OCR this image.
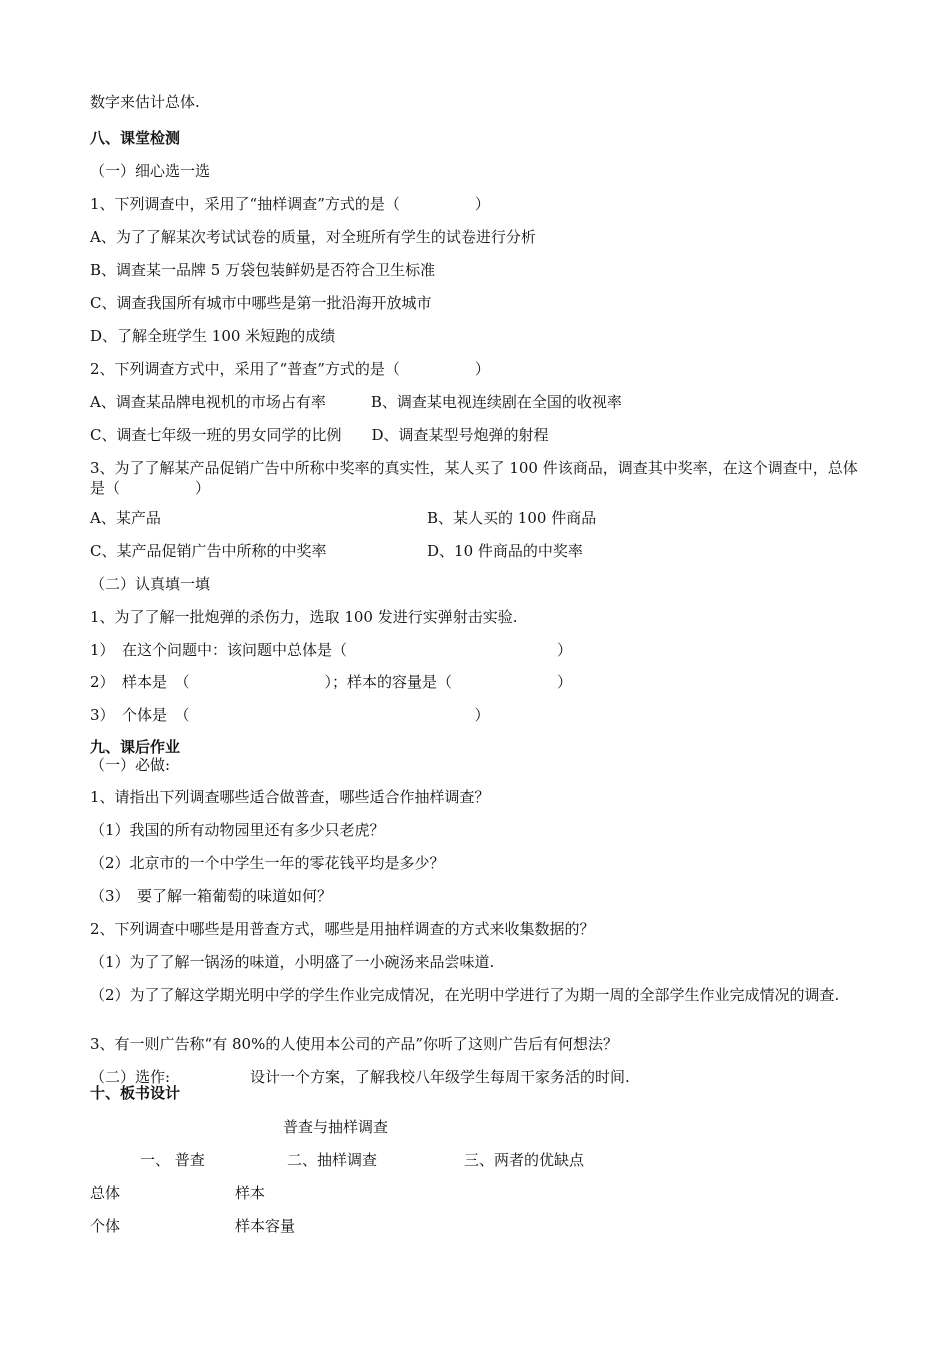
数字来估计总体.
八、课堂检测
（一）细心选一选
1、下列调查中，采用了“抽样调查”方式的是（　　　　　）
A、为了了解某次考试试卷的质量，对全班所有学生的试卷进行分析
B、调查某一品牌 5 万袋包装鲜奶是否符合卫生标准
C、调查我国所有城市中哪些是第一批沿海开放城市
D、了解全班学生 100 米短跑的成绩
2、下列调查方式中，采用了“普查”方式的是（　　　　　）
A、调查某品牌电视机的市场占有率　　　B、调查某电视连续剧在全国的收视率
C、调查七年级一班的男女同学的比例　　D、调查某型号炮弹的射程
3、为了了解某产品促销广告中所称中奖率的真实性，某人买了 100 件该商品，调查其中奖率，在这个调查中，总体是（　　　　　）
A、某产品	B、某人买的 100 件商品
C、某产品促销广告中所称的中奖率	D、10 件商品的中奖率
（二）认真填一填
1、为了了解一批炮弹的杀伤力，选取 100 发进行实弹射击实验.
1）　在这个问题中：该问题中总体是（　　　　　　　　　　　　　　）
2）　样本是　（　　　　　　　　　）；样本的容量是（　　　　　　　）
3）　个体是　（　　　　　　　　　　　　　　　　　　　）
九、课后作业
（一）必做:
1、请指出下列调查哪些适合做普查，哪些适合作抽样调查？
（1）我国的所有动物园里还有多少只老虎？
（2）北京市的一个中学生一年的零花钱平均是多少？
（3）　要了解一箱葡萄的味道如何？
2、下列调查中哪些是用普查方式，哪些是用抽样调查的方式来收集数据的？
（1）为了了解一锅汤的味道，小明盛了一小碗汤来品尝味道.
（2）为了了解这学期光明中学的学生作业完成情况，在光明中学进行了为期一周的全部学生作业完成情况的调查.
3、有一则广告称“有 80%的人使用本公司的产品”你听了这则广告后有何想法？
（二）选作:	设计一个方案，了解我校八年级学生每周干家务活的时间.
十、板书设计
普查与抽样调查
一、 普查	二、抽样调查	三、两者的优缺点
总体	样本
个体	样本容量
